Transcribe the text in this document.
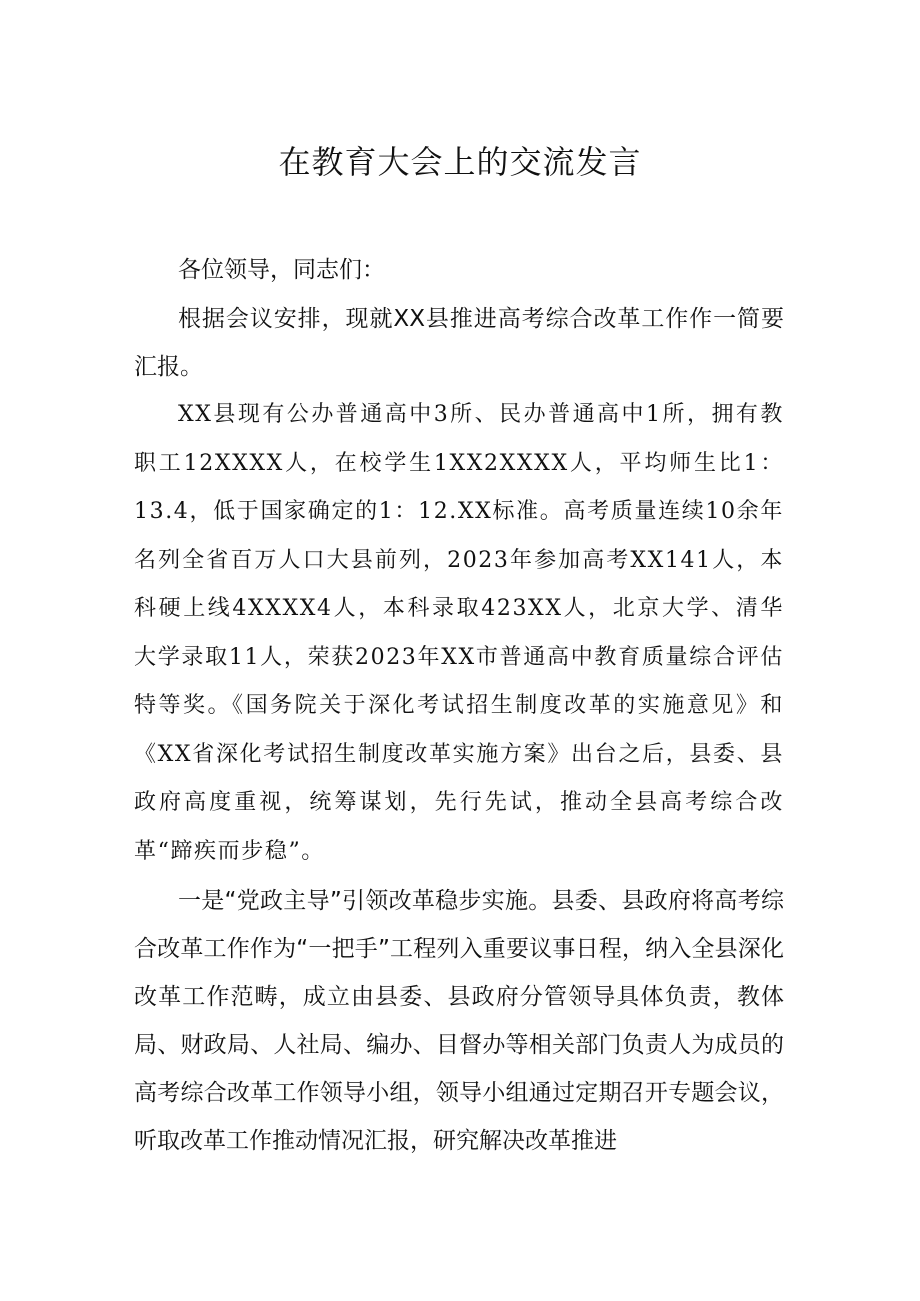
在教育大会上的交流发言

各位领导，同志们：

根据会议安排，现就XX县推进高考综合改革工作作一简要汇报。

XX县现有公办普通高中3所、民办普通高中1所，拥有教职工12XXXX人，在校学生1XX2XXXX人，平均师生比1：13.4，低于国家确定的1：12.XX标准。高考质量连续10余年名列全省百万人口大县前列，2023年参加高考XX141人，本科硬上线4XXXX4人，本科录取423XX人，北京大学、清华大学录取11人，荣获2023年XX市普通高中教育质量综合评估特等奖。《国务院关于深化考试招生制度改革的实施意见》和《XX省深化考试招生制度改革实施方案》出台之后，县委、县政府高度重视，统筹谋划，先行先试，推动全县高考综合改革“蹄疾而步稳”。

一是“党政主导”引领改革稳步实施。县委、县政府将高考综合改革工作作为“一把手”工程列入重要议事日程，纳入全县深化改革工作范畴，成立由县委、县政府分管领导具体负责，教体局、财政局、人社局、编办、目督办等相关部门负责人为成员的高考综合改革工作领导小组，领导小组通过定期召开专题会议，听取改革工作推动情况汇报，研究解决改革推进
